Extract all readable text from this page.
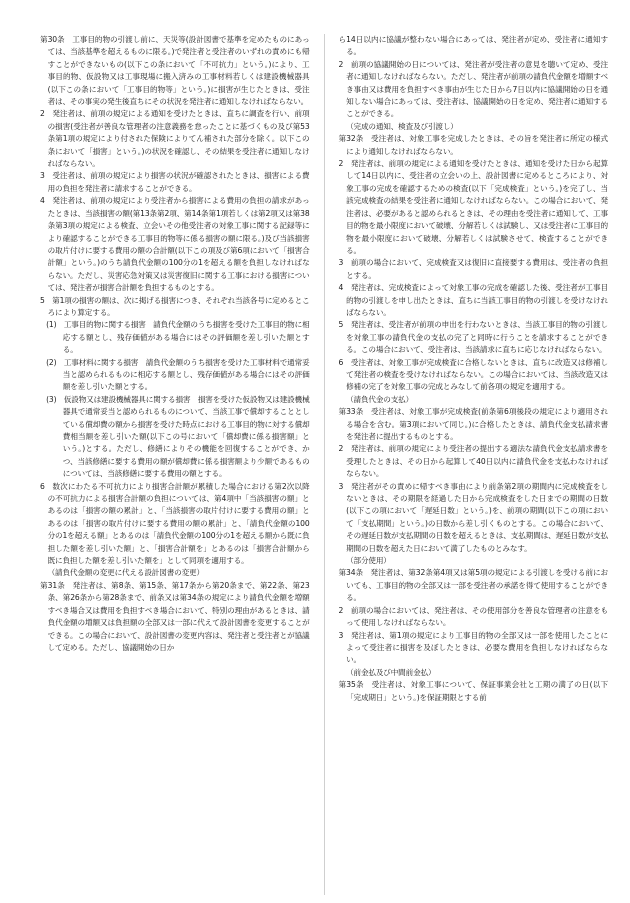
第30条　工事目的物の引渡し前に、天災等(設計図書で基準を定めたものにあっては、当該基準を超えるものに限る。)で発注者と受注者のいずれの責めにも帰すことができないもの(以下この条において「不可抗力」という。)により、工事目的物、仮設物又は工事現場に搬入済みの工事材料若しくは建設機械器具(以下この条において「工事目的物等」という。)に損害が生じたときは、受注者は、その事実の発生後直ちにその状況を発注者に通知しなければならない。

2　発注者は、前項の規定による通知を受けたときは、直ちに調査を行い、前項の損害(受注者が善良な管理者の注意義務を怠ったことに基づくもの及び第53条第1項の規定により付された保険によりてん補された部分を除く。以下この条において「損害」という。)の状況を確認し、その結果を受注者に通知しなければならない。

3　受注者は、前項の規定により損害の状況が確認されたときは、損害による費用の負担を発注者に請求することができる。

4　発注者は、前項の規定により受注者から損害による費用の負担の請求があったときは、当該損害の額(第13条第2項、第14条第1項若しくは第2項又は第38条第3項の規定による検査、立会いその他受注者の対象工事に関する記録等により確認することができる工事目的物等に係る損害の額に限る。)及び当該損害の取片付けに要する費用の額の合計額(以下この項及び第6項において「損害合計額」という。)のうち請負代金額の100分の1を超える額を負担しなければならない。ただし、災害応急対策又は災害復旧に関する工事における損害については、発注者が損害合計額を負担するものとする。

5　第1項の損害の額は、次に掲げる損害につき、それぞれ当該各号に定めるところにより算定する。

(1)　工事目的物に関する損害　請負代金額のうち損害を受けた工事目的物に相応する額とし、残存価値がある場合にはその評価額を差し引いた額とする。

(2)　工事材料に関する損害　請負代金額のうち損害を受けた工事材料で通常妥当と認められるものに相応する額とし、残存価値がある場合にはその評価額を差し引いた額とする。

(3)　仮設物又は建設機械器具に関する損害　損害を受けた仮設物又は建設機械器具で通常妥当と認められるものについて、当該工事で償却することとしている償却費の額から損害を受けた時点における工事目的物に対する償却費相当額を差し引いた額(以下この号において「償却費に係る損害額」という。)とする。ただし、修繕によりその機能を回復することができ、かつ、当該修繕に要する費用の額が償却費に係る損害額より少額であるものについては、当該修繕に要する費用の額とする。

6　数次にわたる不可抗力により損害合計額が累積した場合における第2次以降の不可抗力による損害合計額の負担については、第4項中「当該損害の額」とあるのは「損害の額の累計」と、「当該損害の取片付けに要する費用の額」とあるのは「損害の取片付けに要する費用の額の累計」と、「請負代金額の100分の1を超える額」とあるのは「請負代金額の100分の1を超える額から既に負担した額を差し引いた額」と、「損害合計額を」とあるのは「損害合計額から既に負担した額を差し引いた額を」として同項を適用する。

（請負代金額の変更に代える設計図書の変更）

第31条　発注者は、第8条、第15条、第17条から第20条まで、第22条、第23条、第26条から第28条まで、前条又は第34条の規定により請負代金額を増額すべき場合又は費用を負担すべき場合において、特別の理由があるときは、請負代金額の増額又は負担額の全部又は一部に代えて設計図書を変更することができる。この場合において、設計図書の変更内容は、発注者と受注者とが協議して定める。ただし、協議開始の日か

ら14日以内に協議が整わない場合にあっては、発注者が定め、受注者に通知する。

2　前項の協議開始の日については、発注者が受注者の意見を聴いて定め、受注者に通知しなければならない。ただし、発注者が前項の請負代金額を増額すべき事由又は費用を負担すべき事由が生じた日から7日以内に協議開始の日を通知しない場合にあっては、受注者は、協議開始の日を定め、発注者に通知することができる。

（完成の通知、検査及び引渡し）

第32条　受注者は、対象工事を完成したときは、その旨を発注者に所定の様式により通知しなければならない。

2　発注者は、前項の規定による通知を受けたときは、通知を受けた日から起算して14日以内に、受注者の立会いの上、設計図書に定めるところにより、対象工事の完成を確認するための検査(以下「完成検査」という。)を完了し、当該完成検査の結果を受注者に通知しなければならない。この場合において、発注者は、必要があると認められるときは、その理由を受注者に通知して、工事目的物を最小限度において破壊、分解若しくは試験し、又は受注者に工事目的物を最小限度において破壊、分解若しくは試験させて、検査することができる。

3　前項の場合において、完成検査又は復旧に直接要する費用は、受注者の負担とする。

4　発注者は、完成検査によって対象工事の完成を確認した後、受注者が工事目的物の引渡しを申し出たときは、直ちに当該工事目的物の引渡しを受けなければならない。

5　発注者は、受注者が前項の申出を行わないときは、当該工事目的物の引渡しを対象工事の請負代金の支払の完了と同時に行うことを請求することができる。この場合において、受注者は、当該請求に直ちに応じなければならない。

6　受注者は、対象工事が完成検査に合格しないときは、直ちに改造又は修補して発注者の検査を受けなければならない。この場合においては、当該改造又は修補の完了を対象工事の完成とみなして前各項の規定を適用する。

（請負代金の支払）

第33条　受注者は、対象工事が完成検査(前条第6項後段の規定により適用される場合を含む。第3項において同じ。)に合格したときは、請負代金支払請求書を発注者に提出するものとする。

2　発注者は、前項の規定により受注者の提出する適法な請負代金支払請求書を受理したときは、その日から起算して40日以内に請負代金を支払わなければならない。

3　発注者がその責めに帰すべき事由により前条第2項の期間内に完成検査をしないときは、その期限を経過した日から完成検査をした日までの期間の日数(以下この項において「遅延日数」という。)を、前項の期間(以下この項において「支払期間」という。)の日数から差し引くものとする。この場合において、その遅延日数が支払期間の日数を超えるときは、支払期間は、遅延日数が支払期間の日数を超えた日において満了したものとみなす。

（部分使用）

第34条　発注者は、第32条第4項又は第5項の規定による引渡しを受ける前においても、工事目的物の全部又は一部を受注者の承諾を得て使用することができる。

2　前項の場合においては、発注者は、その使用部分を善良な管理者の注意をもって使用しなければならない。

3　発注者は、第1項の規定により工事目的物の全部又は一部を使用したことによって受注者に損害を及ぼしたときは、必要な費用を負担しなければならない。

（前金払及び中間前金払）

第35条　受注者は、対象工事について、保証事業会社と工期の満了の日(以下「完成期日」という。)を保証期限とする前
